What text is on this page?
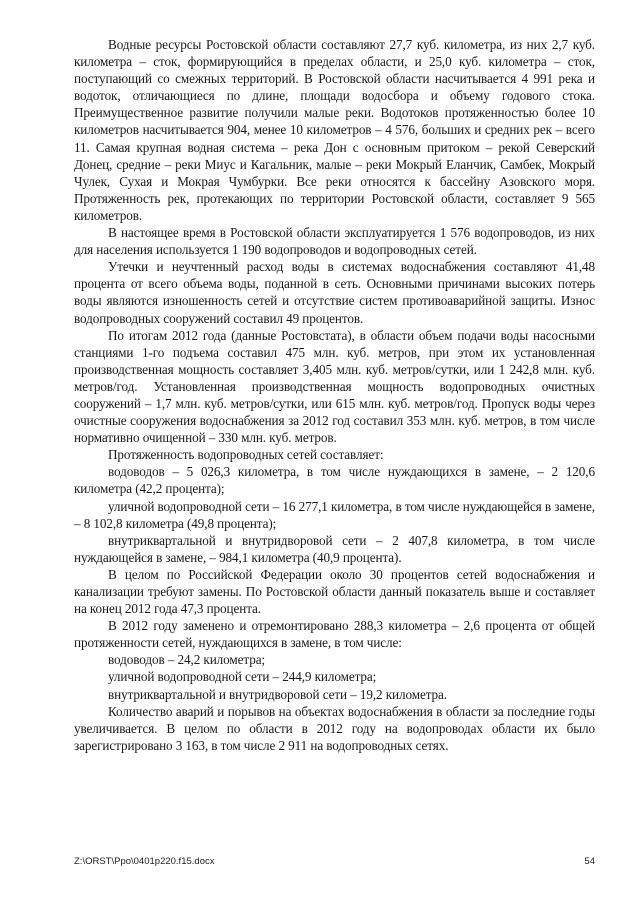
Водные ресурсы Ростовской области составляют 27,7 куб. километра, из них 2,7 куб. километра – сток, формирующийся в пределах области, и 25,0 куб. километра – сток, поступающий со смежных территорий. В Ростовской области насчитывается 4 991 река и водоток, отличающиеся по длине, площади водосбора и объему годового стока. Преимущественное развитие получили малые реки. Водотоков протяженностью более 10 километров насчитывается 904, менее 10 километров – 4 576, больших и средних рек – всего 11. Самая крупная водная система – река Дон с основным притоком – рекой Северский Донец, средние – реки Миус и Кагальник, малые – реки Мокрый Еланчик, Самбек, Мокрый Чулек, Сухая и Мокрая Чумбурки. Все реки относятся к бассейну Азовского моря. Протяженность рек, протекающих по территории Ростовской области, составляет 9 565 километров.

В настоящее время в Ростовской области эксплуатируется 1 576 водопроводов, из них для населения используется 1 190 водопроводов и водопроводных сетей.

Утечки и неучтенный расход воды в системах водоснабжения составляют 41,48 процента от всего объема воды, поданной в сеть. Основными причинами высоких потерь воды являются изношенность сетей и отсутствие систем противоаварийной защиты. Износ водопроводных сооружений составил 49 процентов.

По итогам 2012 года (данные Ростовстата), в области объем подачи воды насосными станциями 1-го подъема составил 475 млн. куб. метров, при этом их установленная производственная мощность составляет 3,405 млн. куб. метров/сутки, или 1 242,8 млн. куб. метров/год. Установленная производственная мощность водопроводных очистных сооружений – 1,7 млн. куб. метров/сутки, или 615 млн. куб. метров/год. Пропуск воды через очистные сооружения водоснабжения за 2012 год составил 353 млн. куб. метров, в том числе нормативно очищенной – 330 млн. куб. метров.

Протяженность водопроводных сетей составляет:

водоводов – 5 026,3 километра, в том числе нуждающихся в замене, – 2 120,6 километра (42,2 процента);

уличной водопроводной сети – 16 277,1 километра, в том числе нуждающейся в замене, – 8 102,8 километра (49,8 процента);

внутриквартальной и внутридворовой сети – 2 407,8 километра, в том числе нуждающейся в замене, – 984,1 километра (40,9 процента).

В целом по Российской Федерации около 30 процентов сетей водоснабжения и канализации требуют замены. По Ростовской области данный показатель выше и составляет на конец 2012 года 47,3 процента.

В 2012 году заменено и отремонтировано 288,3 километра – 2,6 процента от общей протяженности сетей, нуждающихся в замене, в том числе:

водоводов – 24,2 километра;

уличной водопроводной сети – 244,9 километра;

внутриквартальной и внутридворовой сети – 19,2 километра.

Количество аварий и порывов на объектах водоснабжения в области за последние годы увеличивается. В целом по области в 2012 году на водопроводах области их было зарегистрировано 3 163, в том числе 2 911 на водопроводных сетях.

Z:\ORST\Ppo\0401p220.f15.docx	54
